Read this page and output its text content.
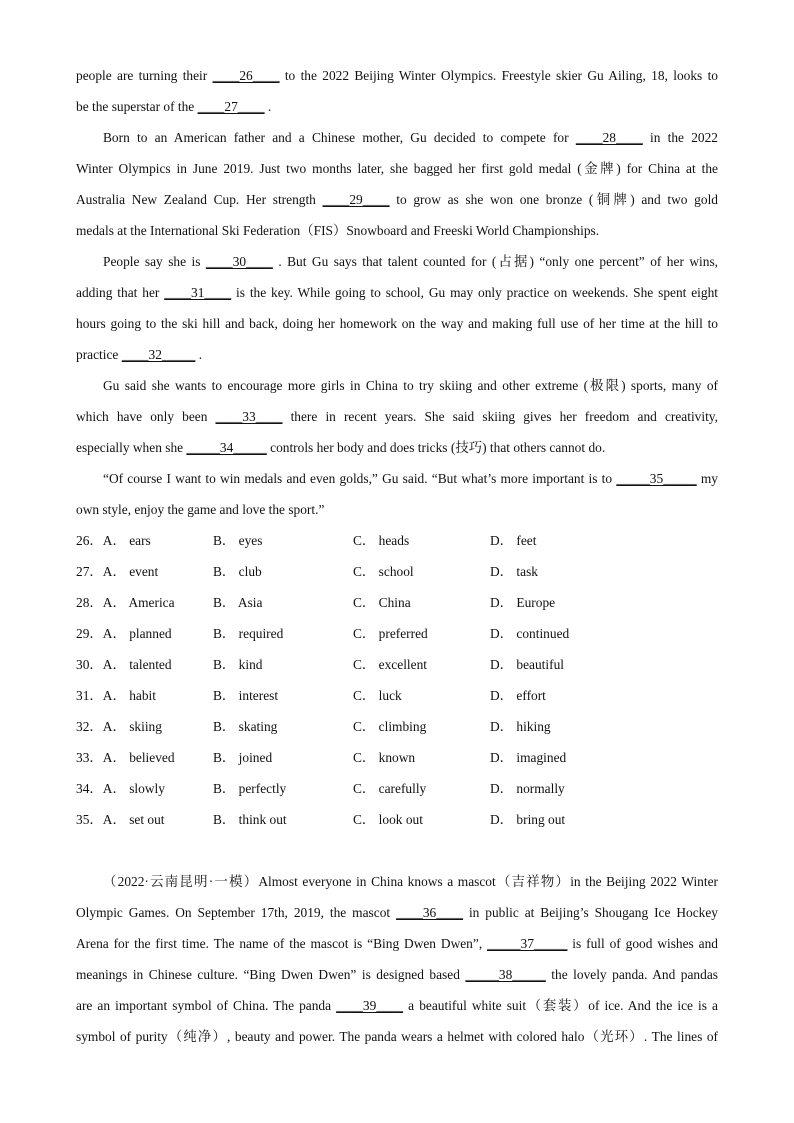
people are turning their ____26____ to the 2022 Beijing Winter Olympics. Freestyle skier Gu Ailing, 18, looks to
be the superstar of the ____27____ .
Born to an American father and a Chinese mother, Gu decided to compete for ____28____ in the 2022
Winter Olympics in June 2019. Just two months later, she bagged her first gold medal (金牌) for China at the
Australia New Zealand Cup. Her strength ____29____ to grow as she won one bronze (铜牌) and two gold
medals at the International Ski Federation（FIS）Snowboard and Freeski World Championships.
People say she is ____30____ . But Gu says that talent counted for (占据) “only one percent” of her wins,
adding that her ____31____ is the key. While going to school, Gu may only practice on weekends. She spent eight
hours going to the ski hill and back, doing her homework on the way and making full use of her time at the hill to
practice ____32_____ .
Gu said she wants to encourage more girls in China to try skiing and other extreme (极限) sports, many of
which have only been ____33____ there in recent years. She said skiing gives her freedom and creativity,
especially when she _____34_____ controls her body and does tricks (技巧) that others cannot do.
“Of course I want to win medals and even golds,” Gu said. “But what’s more important is to _____35_____ my
own style, enjoy the game and love the sport.”
26．A． ears	B． eyes	C． heads	D． feet
27．A． event	B． club	C． school	D． task
28．A． America	B． Asia	C． China	D． Europe
29．A． planned	B． required	C． preferred	D． continued
30．A． talented	B． kind	C． excellent	D． beautiful
31．A． habit	B． interest	C． luck	D． effort
32．A． skiing	B． skating	C． climbing	D． hiking
33．A． believed	B． joined	C． known	D． imagined
34．A． slowly	B． perfectly	C． carefully	D． normally
35．A． set out	B． think out	C． look out	D． bring out
（2022·云南昆明·一模）Almost everyone in China knows a mascot（吉祥物）in the Beijing 2022 Winter
Olympic Games. On September 17th, 2019, the mascot ____36____ in public at Beijing’s Shougang Ice Hockey
Arena for the first time. The name of the mascot is “Bing Dwen Dwen”, _____37_____ is full of good wishes and
meanings in Chinese culture. “Bing Dwen Dwen” is designed based _____38_____ the lovely panda. And pandas
are an important symbol of China. The panda ____39____ a beautiful white suit（套装）of ice. And the ice is a
symbol of purity（纯净）, beauty and power. The panda wears a helmet with colored halo（光环）. The lines of
